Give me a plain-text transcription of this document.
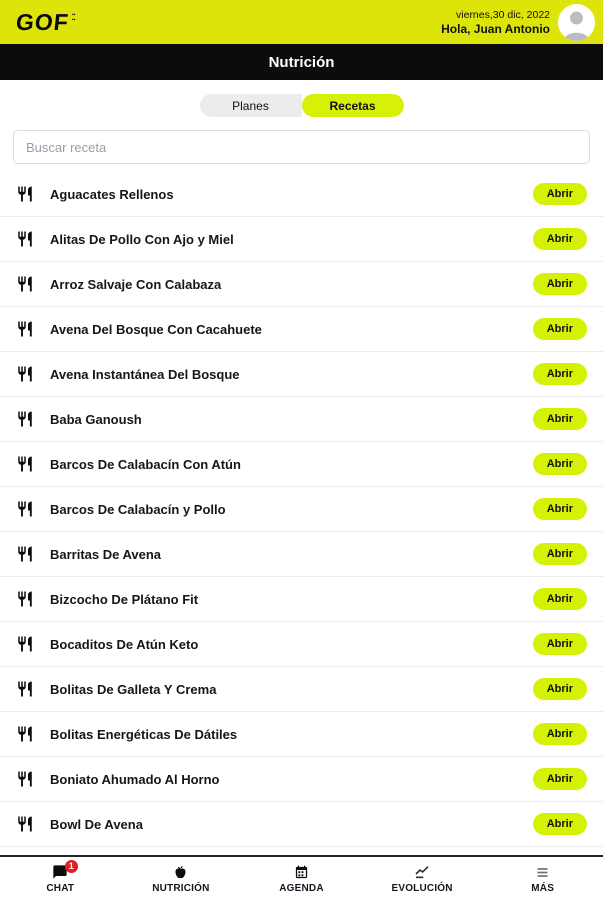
GOF ▪▪
▪▪	viernes,30 dic, 2022
Hola, Juan Antonio
Nutrición
Planes	Recetas
Buscar receta
Aguacates Rellenos	Abrir
Alitas De Pollo Con Ajo y Miel	Abrir
Arroz Salvaje Con Calabaza	Abrir
Avena Del Bosque Con Cacahuete	Abrir
Avena Instantánea Del Bosque	Abrir
Baba Ganoush	Abrir
Barcos De Calabacín Con Atún	Abrir
Barcos De Calabacín y Pollo	Abrir
Barritas De Avena	Abrir
Bizcocho De Plátano Fit	Abrir
Bocaditos De Atún Keto	Abrir
Bolitas De Galleta Y Crema	Abrir
Bolitas Energéticas De Dátiles	Abrir
Boniato Ahumado Al Horno	Abrir
Bowl De Avena	Abrir
1
CHAT	NUTRICIÓN	AGENDA	EVOLUCIÓN	MÁS
